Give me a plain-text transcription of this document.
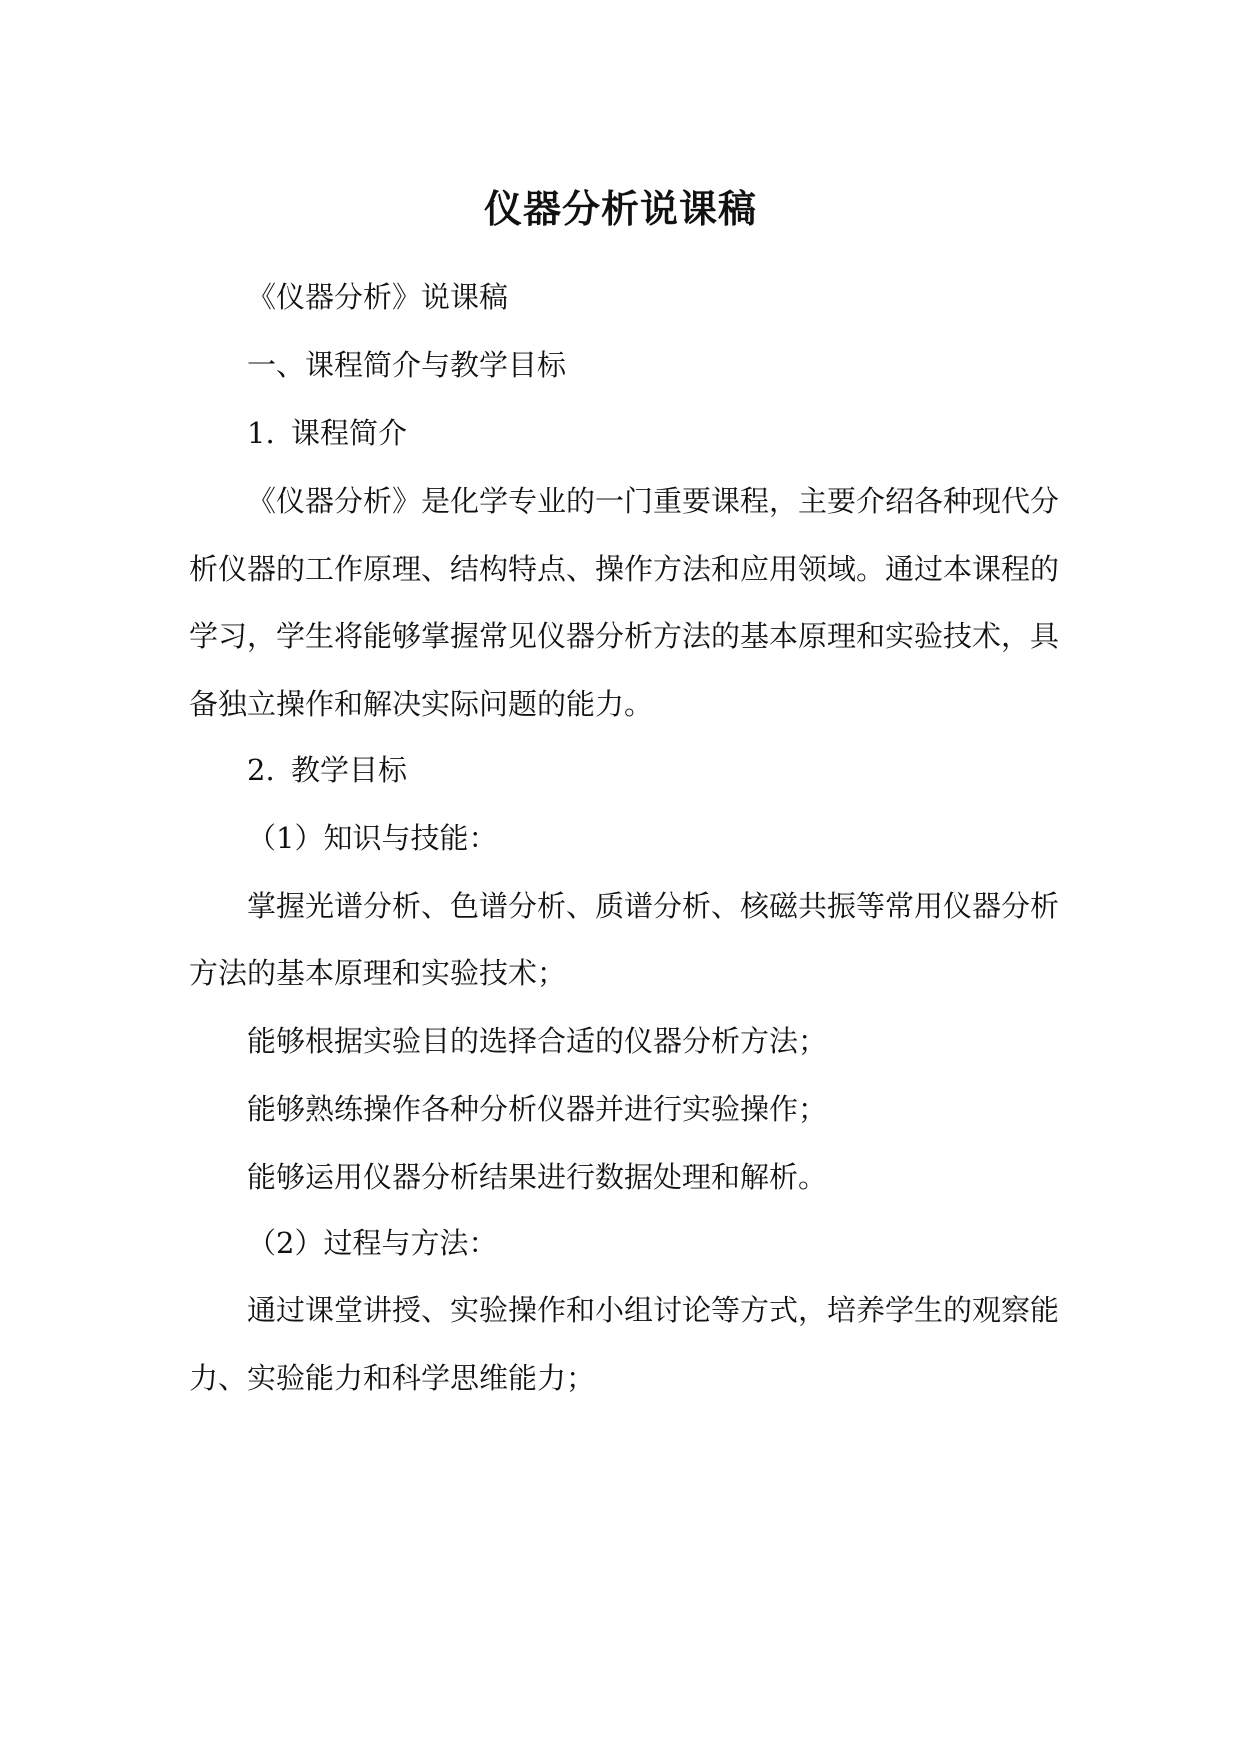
仪器分析说课稿
《仪器分析》说课稿
一、课程简介与教学目标
1. 课程简介
《仪器分析》是化学专业的一门重要课程，主要介绍各种现代分
析仪器的工作原理、结构特点、操作方法和应用领域。通过本课程的
学习，学生将能够掌握常见仪器分析方法的基本原理和实验技术，具
备独立操作和解决实际问题的能力。
2. 教学目标
（1）知识与技能：
掌握光谱分析、色谱分析、质谱分析、核磁共振等常用仪器分析
方法的基本原理和实验技术；
能够根据实验目的选择合适的仪器分析方法；
能够熟练操作各种分析仪器并进行实验操作；
能够运用仪器分析结果进行数据处理和解析。
（2）过程与方法：
通过课堂讲授、实验操作和小组讨论等方式，培养学生的观察能
力、实验能力和科学思维能力；
